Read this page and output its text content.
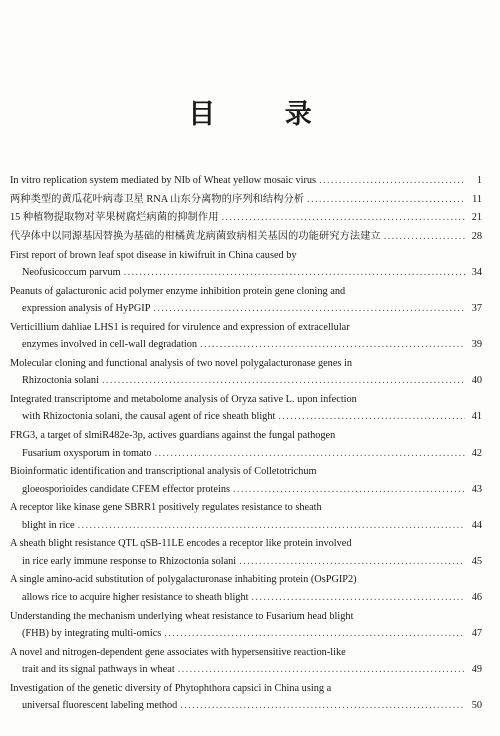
目 录
In vitro replication system mediated by NIb of Wheat yellow mosaic virus . . .	1
两种类型的黄瓜花叶病毒卫星 RNA 山东分离物的序列和结构分析 . . .	11
15 种植物提取物对苹果树腐烂病菌的抑制作用 . . .	21
代孕体中以同源基因替换为基础的柑橘黄龙病菌致病相关基因的功能研究方法建立 . . .	28
First report of brown leaf spot disease in kiwifruit in China caused by
Neofusicoccum parvum . . .	34
Peanuts of galacturonic acid polymer enzyme inhibition protein gene cloning and
expression analysis of HyPGIP . . .	37
Verticillium dahliae LHS1 is required for virulence and expression of extracellular
enzymes involved in cell-wall degradation . . .	39
Molecular cloning and functional analysis of two novel polygalacturonase genes in
Rhizoctonia solani . . .	40
Integrated transcriptome and metabolome analysis of Oryza sative L. upon infection
with Rhizoctonia solani, the causal agent of rice sheath blight . . .	41
FRG3, a target of slmiR482e-3p, actives guardians against the fungal pathogen
Fusarium oxysporum in tomato . . .	42
Bioinformatic identification and transcriptional analysis of Colletotrichum
gloeosporioides candidate CFEM effector proteins . . .	43
A receptor like kinase gene SBRR1 positively regulates resistance to sheath
blight in rice . . .	44
A sheath blight resistance QTL qSB-11LE encodes a receptor like protein involved
in rice early immune response to Rhizoctonia solani . . .	45
A single amino-acid substitution of polygalacturonase inhabiting protein (OsPGIP2)
allows rice to acquire higher resistance to sheath blight . . .	46
Understanding the mechanism underlying wheat resistance to Fusarium head blight
(FHB) by integrating multi-omics . . .	47
A novel and nitrogen-dependent gene associates with hypersensitive reaction-like
trait and its signal pathways in wheat . . .	49
Investigation of the genetic diversity of Phytophthora capsici in China using a
universal fluorescent labeling method . . .	50
